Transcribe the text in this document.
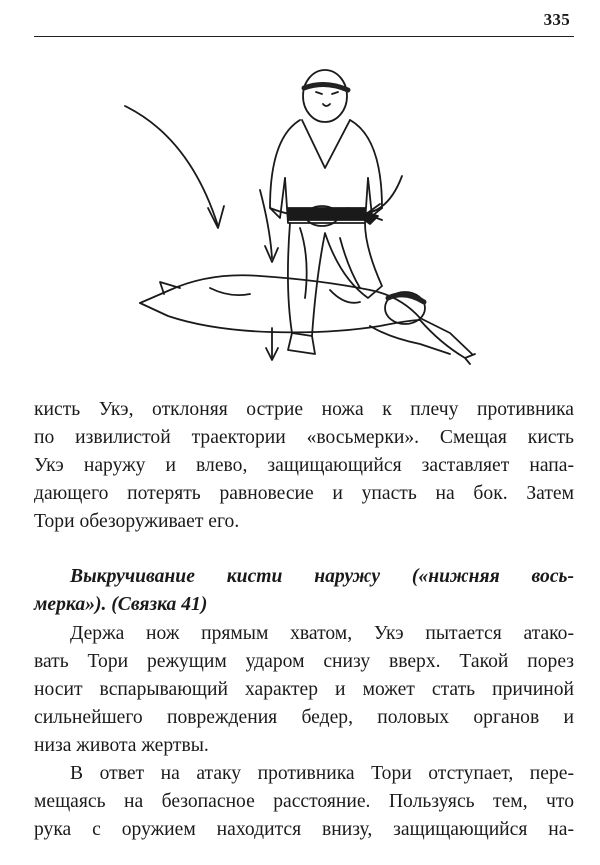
335
кисть Укэ, отклоняя острие ножа к плечу противника
по извилистой траектории «восьмерки». Смещая кисть
Укэ наружу и влево, защищающийся заставляет напа-
дающего потерять равновесие и упасть на бок. Затем
Тори обезоруживает его.
Выкручивание кисти наружу («нижняя вось-
мерка»). (Связка 41)
Держа нож прямым хватом, Укэ пытается атако-
вать Тори режущим ударом снизу вверх. Такой порез
носит вспарывающий характер и может стать причиной
сильнейшего повреждения бедер, половых органов и
низа живота жертвы.
В ответ на атаку противника Тори отступает, пере-
мещаясь на безопасное расстояние. Пользуясь тем, что
рука с оружием находится внизу, защищающийся на-
